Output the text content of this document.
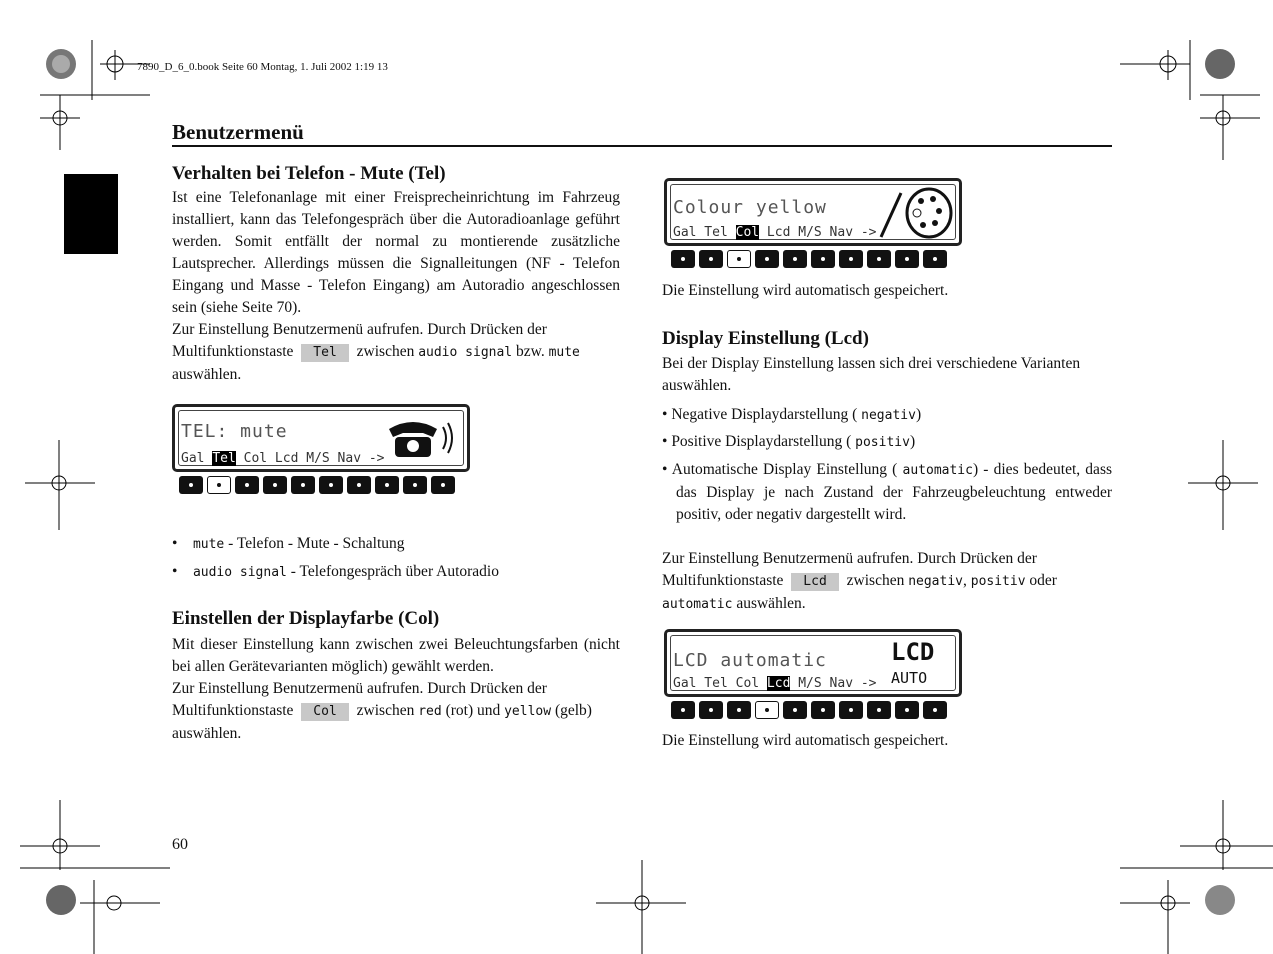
7890_D_6_0.book Seite 60 Montag, 1. Juli 2002 1:19 13
Benutzermenü
Verhalten bei Telefon - Mute (Tel)

Ist eine Telefonanlage mit einer Freisprecheinrichtung im Fahrzeug installiert, kann das Telefongespräch über die Autoradioanlage geführt werden. Somit entfällt der normal zu montierende zusätzliche Lautsprecher. Allerdings müssen die Signalleitungen (NF - Telefon Eingang und Masse - Telefon Eingang) am Autoradio angeschlossen sein (siehe Seite 70).

Zur Einstellung Benutzermenü aufrufen. Durch Drücken der Multifunktionstaste Tel zwischen audio signal bzw. mute auswählen.

TEL: mute
Gal Tel Col Lcd M/S Nav ->
•    mute - Telefon - Mute - Schaltung
•    audio signal - Telefongespräch über Autoradio
Einstellen der Displayfarbe (Col)

Mit dieser Einstellung kann zwischen zwei Beleuchtungsfarben (nicht bei allen Gerätevarianten möglich) gewählt werden.

Zur Einstellung Benutzermenü aufrufen. Durch Drücken der Multifunktionstaste Col zwischen red (rot) und yellow (gelb) auswählen.

60
Colour yellow
Gal Tel Col Lcd M/S Nav ->
Die Einstellung wird automatisch gespeichert.
Display Einstellung (Lcd)
Bei der Display Einstellung lassen sich drei verschiedene Varianten auswählen.
• Negative Displaydarstellung ( negativ)
• Positive Displaydarstellung ( positiv)
• Automatische Display Einstellung ( automatic) - dies bedeutet, dass das Display je nach Zustand der Fahrzeugbeleuchtung entweder positiv, oder negativ dargestellt wird.
Zur Einstellung Benutzermenü aufrufen. Durch Drücken der Multifunktionstaste Lcd zwischen negativ, positiv oder automatic auswählen.
LCD automatic	LCD
AUTO
Gal Tel Col Lcd M/S Nav ->
Die Einstellung wird automatisch gespeichert.
